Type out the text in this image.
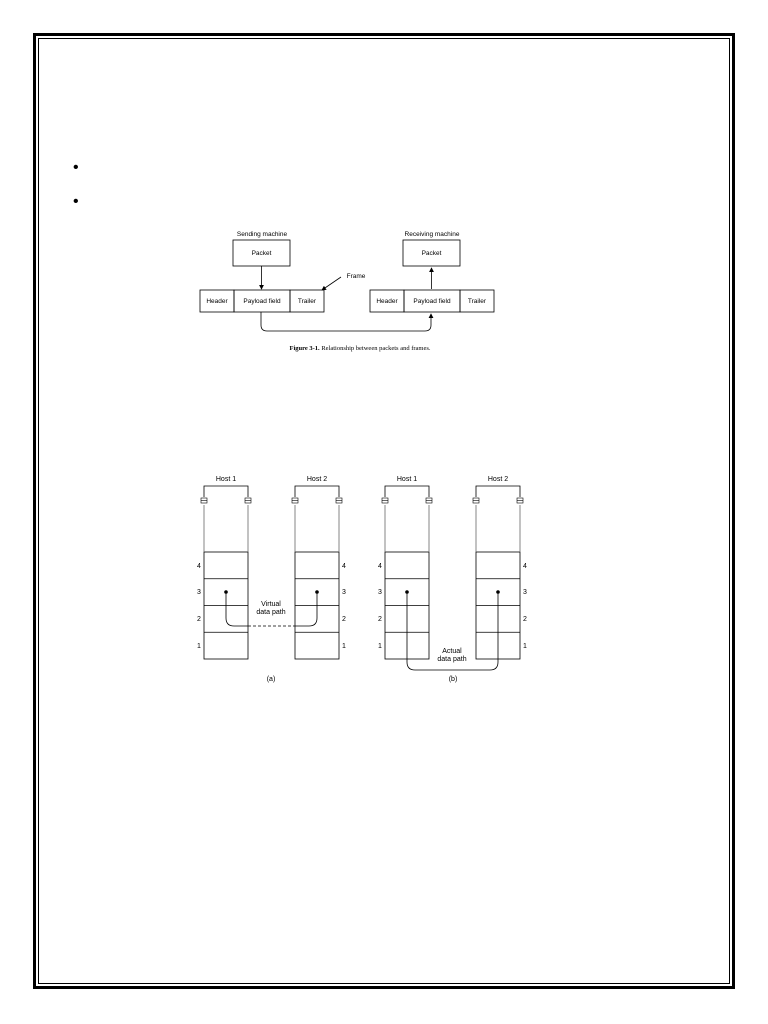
•
•
Sending machine	Receiving machine
Packet	Packet
Frame
Header Payload field	Trailer	Header Payload field	Trailer
Figure 3-1. Relationship between packets and frames.
Host 1	Host 2	Host 1	Host 2
4
3
2
1
4
3
2
1
4
3
2
1
4
3
2
1
Virtual
data path
Actual
data path
(a)	(b)
